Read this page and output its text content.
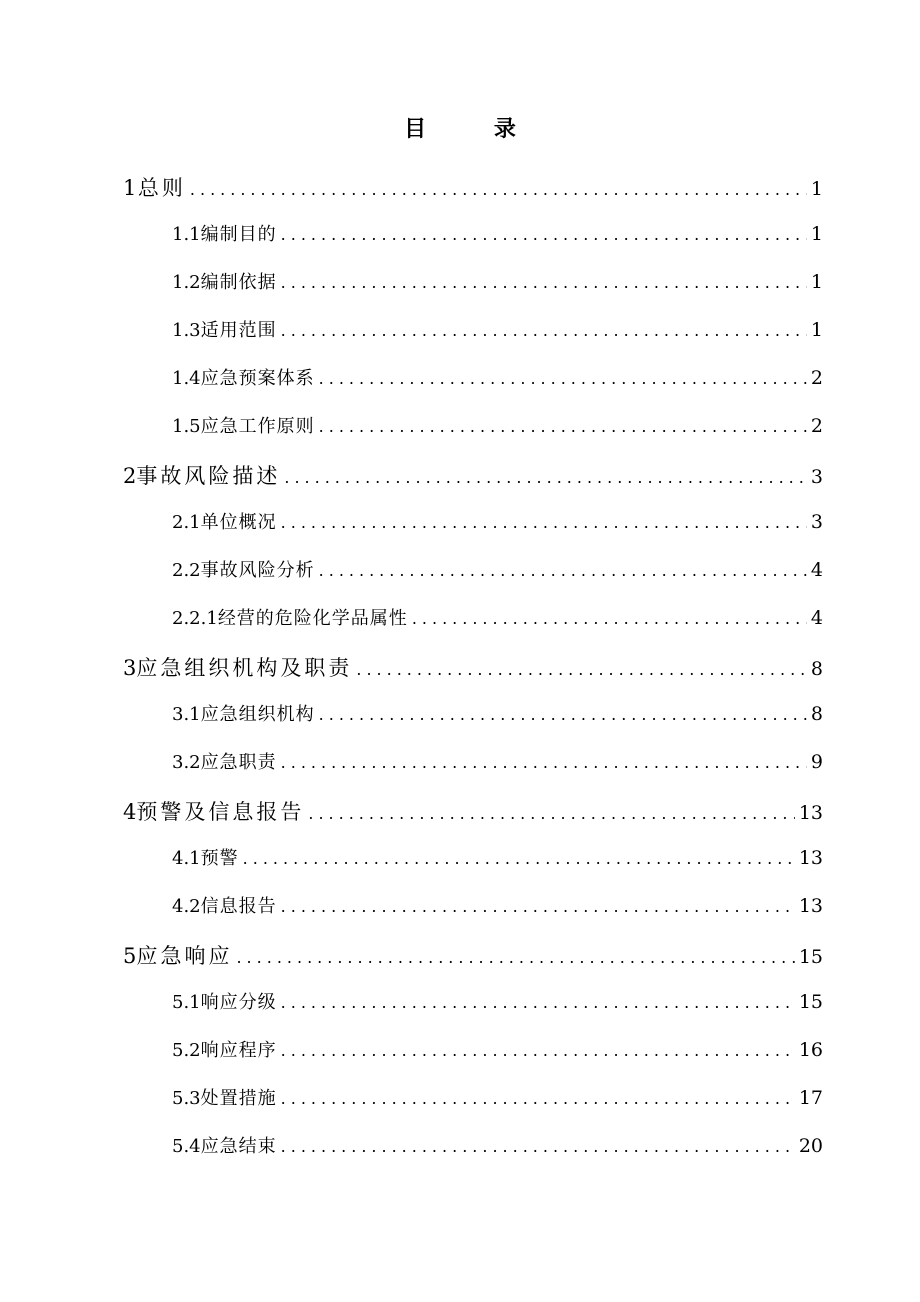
目 录
1 总则 .....	1
1.1 编制目的 .....	1
1.2 编制依据 .....	1
1.3 适用范围 .....	1
1.4 应急预案体系 .....	2
1.5 应急工作原则 .....	2
2 事故风险描述 .....	3
2.1 单位概况 .....	3
2.2 事故风险分析 .....	4
2.2.1 经营的危险化学品属性 .....	4
3 应急组织机构及职责 .....	8
3.1 应急组织机构 .....	8
3.2 应急职责 .....	9
4 预警及信息报告 .....	13
4.1 预警 .....	13
4.2 信息报告 .....	13
5 应急响应 .....	15
5.1 响应分级 .....	15
5.2 响应程序 .....	16
5.3 处置措施 .....	17
5.4 应急结束 .....	20
